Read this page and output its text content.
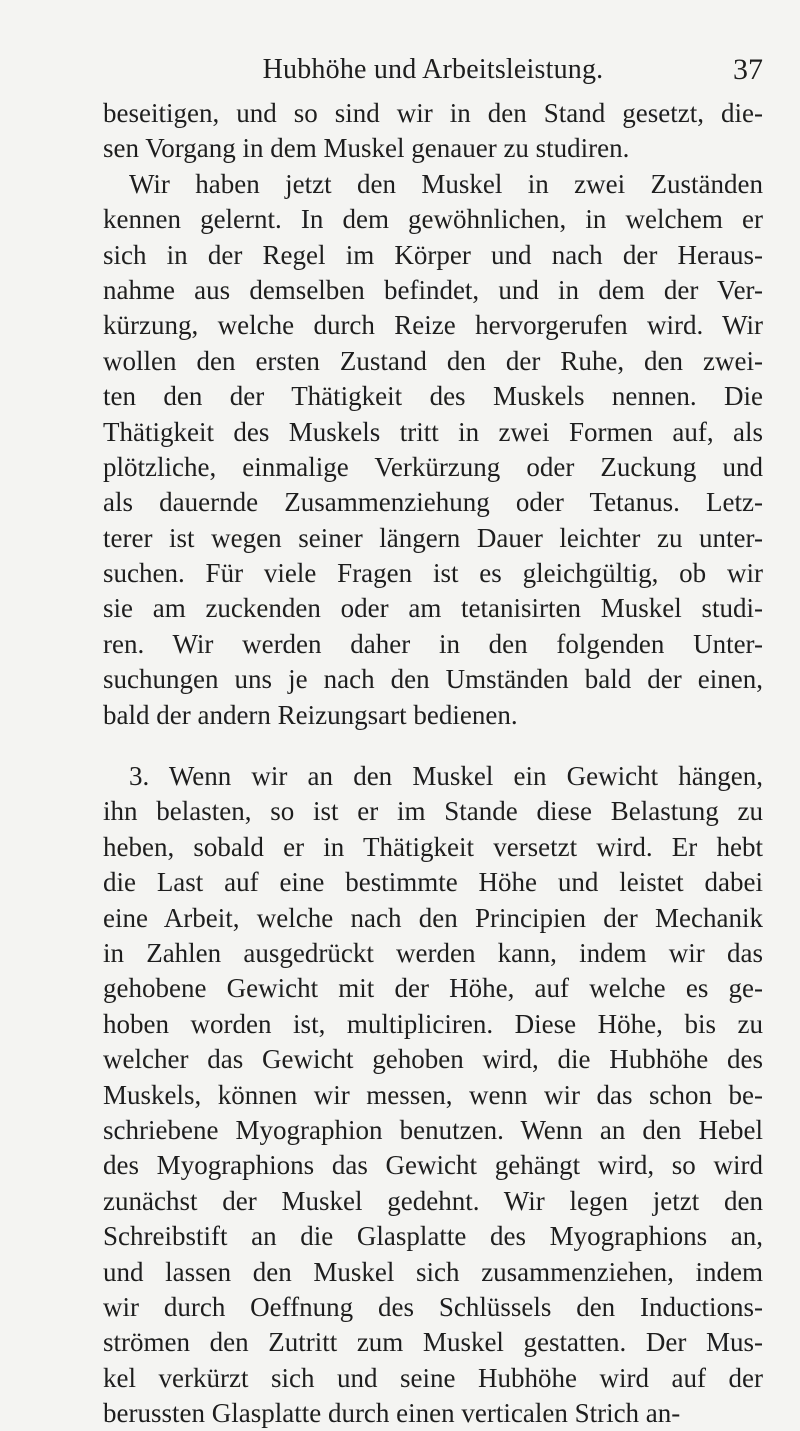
Hubhöhe und Arbeitsleistung.	37
beseitigen, und so sind wir in den Stand gesetzt, die-
sen Vorgang in dem Muskel genauer zu studiren.
Wir haben jetzt den Muskel in zwei Zuständen
kennen gelernt. In dem gewöhnlichen, in welchem er
sich in der Regel im Körper und nach der Heraus-
nahme aus demselben befindet, und in dem der Ver-
kürzung, welche durch Reize hervorgerufen wird. Wir
wollen den ersten Zustand den der Ruhe, den zwei-
ten den der Thätigkeit des Muskels nennen. Die
Thätigkeit des Muskels tritt in zwei Formen auf, als
plötzliche, einmalige Verkürzung oder Zuckung und
als dauernde Zusammenziehung oder Tetanus. Letz-
terer ist wegen seiner längern Dauer leichter zu unter-
suchen. Für viele Fragen ist es gleichgültig, ob wir
sie am zuckenden oder am tetanisirten Muskel studi-
ren. Wir werden daher in den folgenden Unter-
suchungen uns je nach den Umständen bald der einen,
bald der andern Reizungsart bedienen.
3. Wenn wir an den Muskel ein Gewicht hängen,
ihn belasten, so ist er im Stande diese Belastung zu
heben, sobald er in Thätigkeit versetzt wird. Er hebt
die Last auf eine bestimmte Höhe und leistet dabei
eine Arbeit, welche nach den Principien der Mechanik
in Zahlen ausgedrückt werden kann, indem wir das
gehobene Gewicht mit der Höhe, auf welche es ge-
hoben worden ist, multipliciren. Diese Höhe, bis zu
welcher das Gewicht gehoben wird, die Hubhöhe des
Muskels, können wir messen, wenn wir das schon be-
schriebene Myographion benutzen. Wenn an den Hebel
des Myographions das Gewicht gehängt wird, so wird
zunächst der Muskel gedehnt. Wir legen jetzt den
Schreibstift an die Glasplatte des Myographions an,
und lassen den Muskel sich zusammenziehen, indem
wir durch Oeffnung des Schlüssels den Inductions-
strömen den Zutritt zum Muskel gestatten. Der Mus-
kel verkürzt sich und seine Hubhöhe wird auf der
berussten Glasplatte durch einen verticalen Strich an-
